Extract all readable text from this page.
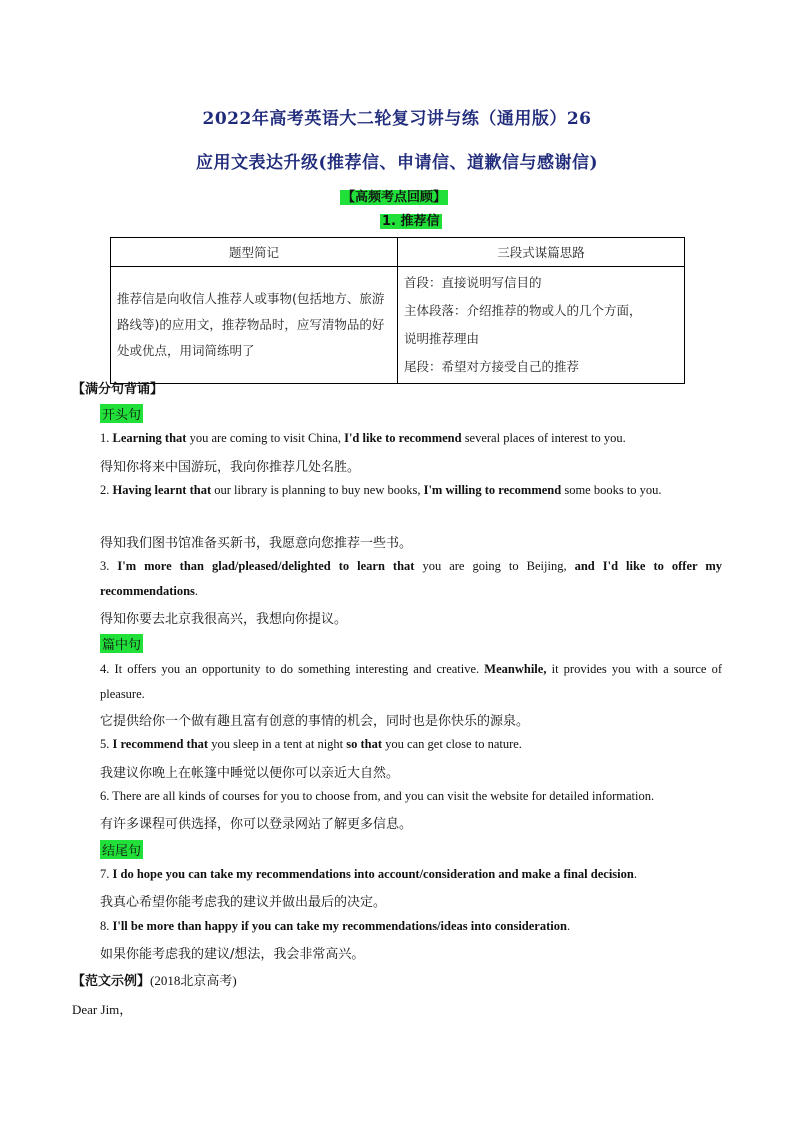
2022年高考英语大二轮复习讲与练（通用版）26
应用文表达升级(推荐信、申请信、道歉信与感谢信)
【高频考点回顾】
1. 推荐信
题型简记	三段式谋篇思路
推荐信是向收信人推荐人或事物(包括地方、旅游路线等)的应用文，推荐物品时，应写清物品的好处或优点，用词简练明了	首段：直接说明写信目的
主体段落：介绍推荐的物或人的几个方面，
说明推荐理由
尾段：希望对方接受自己的推荐
【满分句背诵】
开头句
1. Learning that you are coming to visit China, I'd like to recommend several places of interest to you.
得知你将来中国游玩，我向你推荐几处名胜。
2. Having learnt that our library is planning to buy new books, I'm willing to recommend some books to you.
得知我们图书馆准备买新书，我愿意向您推荐一些书。
3. I'm more than glad/pleased/delighted to learn that you are going to Beijing, and I'd like to offer my recommendations.
得知你要去北京我很高兴，我想向你提议。
篇中句
4. It offers you an opportunity to do something interesting and creative. Meanwhile, it provides you with a source of pleasure.
它提供给你一个做有趣且富有创意的事情的机会，同时也是你快乐的源泉。
5. I recommend that you sleep in a tent at night so that you can get close to nature.
我建议你晚上在帐篷中睡觉以便你可以亲近大自然。
6. There are all kinds of courses for you to choose from, and you can visit the website for detailed information.
有许多课程可供选择，你可以登录网站了解更多信息。
结尾句
7. I do hope you can take my recommendations into account/consideration and make a final decision.
我真心希望你能考虑我的建议并做出最后的决定。
8. I'll be more than happy if you can take my recommendations/ideas into consideration.
如果你能考虑我的建议/想法，我会非常高兴。
【范文示例】(2018北京高考)
Dear Jim，
